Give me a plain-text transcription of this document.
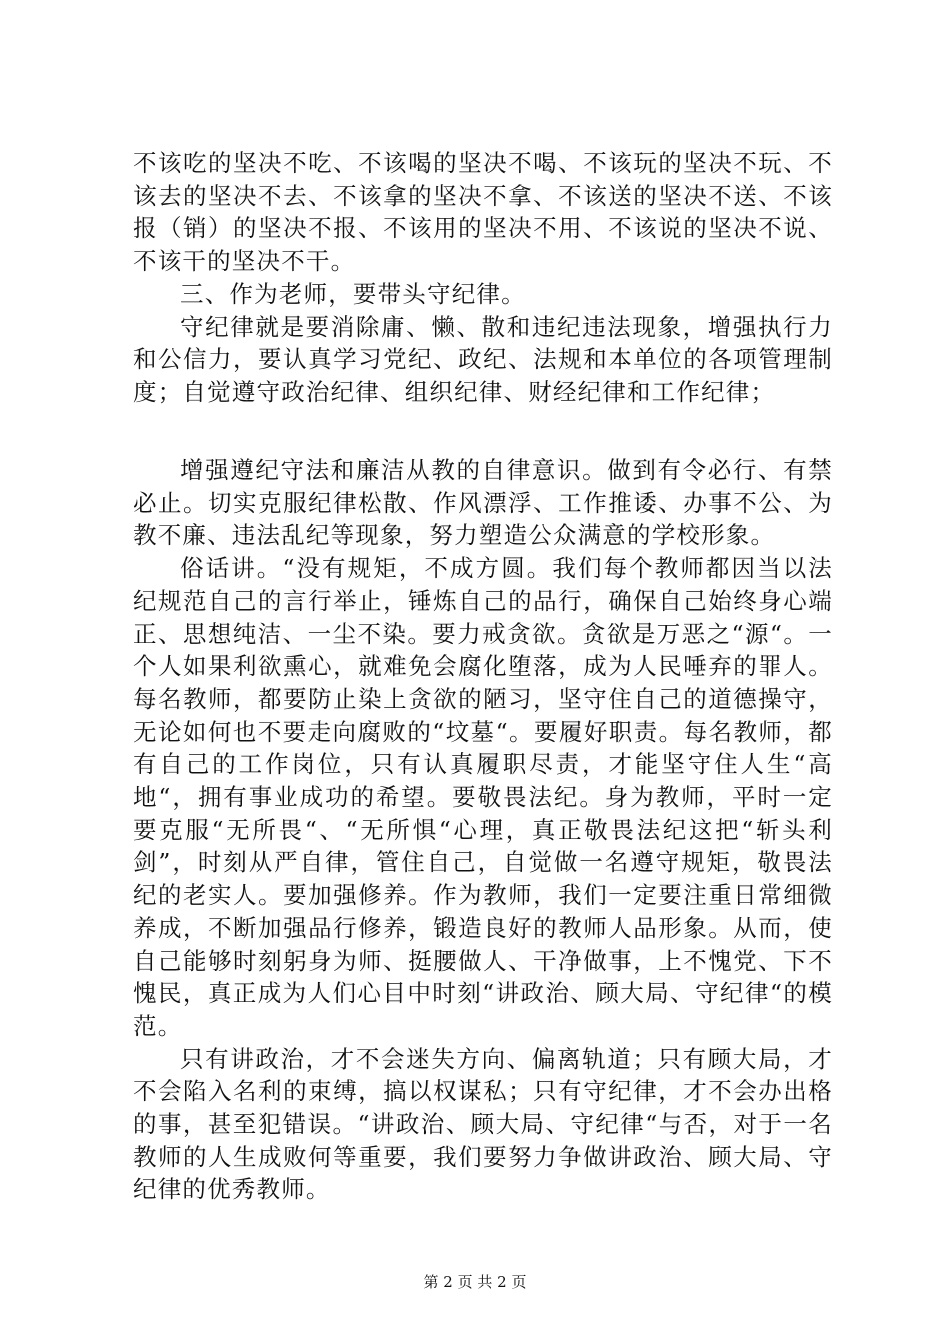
不该吃的坚决不吃、不该喝的坚决不喝、不该玩的坚决不玩、不该去的坚决不去、不该拿的坚决不拿、不该送的坚决不送、不该报（销）的坚决不报、不该用的坚决不用、不该说的坚决不说、不该干的坚决不干。

三、作为老师，要带头守纪律。

守纪律就是要消除庸、懒、散和违纪违法现象，增强执行力和公信力，要认真学习党纪、政纪、法规和本单位的各项管理制度；自觉遵守政治纪律、组织纪律、财经纪律和工作纪律；

增强遵纪守法和廉洁从教的自律意识。做到有令必行、有禁必止。切实克服纪律松散、作风漂浮、工作推诿、办事不公、为教不廉、违法乱纪等现象，努力塑造公众满意的学校形象。

俗话讲。“没有规矩，不成方圆。我们每个教师都因当以法纪规范自己的言行举止，锤炼自己的品行，确保自己始终身心端正、思想纯洁、一尘不染。要力戒贪欲。贪欲是万恶之“源“。一个人如果利欲熏心，就难免会腐化堕落，成为人民唾弃的罪人。每名教师，都要防止染上贪欲的陋习，坚守住自己的道德操守，无论如何也不要走向腐败的“坟墓“。要履好职责。每名教师，都有自己的工作岗位，只有认真履职尽责，才能坚守住人生“高地“，拥有事业成功的希望。要敬畏法纪。身为教师，平时一定要克服“无所畏“、“无所惧“心理，真正敬畏法纪这把“斩头利剑”，时刻从严自律，管住自己，自觉做一名遵守规矩，敬畏法纪的老实人。要加强修养。作为教师，我们一定要注重日常细微养成，不断加强品行修养，锻造良好的教师人品形象。从而，使自己能够时刻躬身为师、挺腰做人、干净做事，上不愧党、下不愧民，真正成为人们心目中时刻“讲政治、顾大局、守纪律“的模范。

只有讲政治，才不会迷失方向、偏离轨道；只有顾大局，才不会陷入名利的束缚，搞以权谋私；只有守纪律，才不会办出格的事，甚至犯错误。“讲政治、顾大局、守纪律“与否，对于一名教师的人生成败何等重要，我们要努力争做讲政治、顾大局、守纪律的优秀教师。

第 2 页 共 2 页
